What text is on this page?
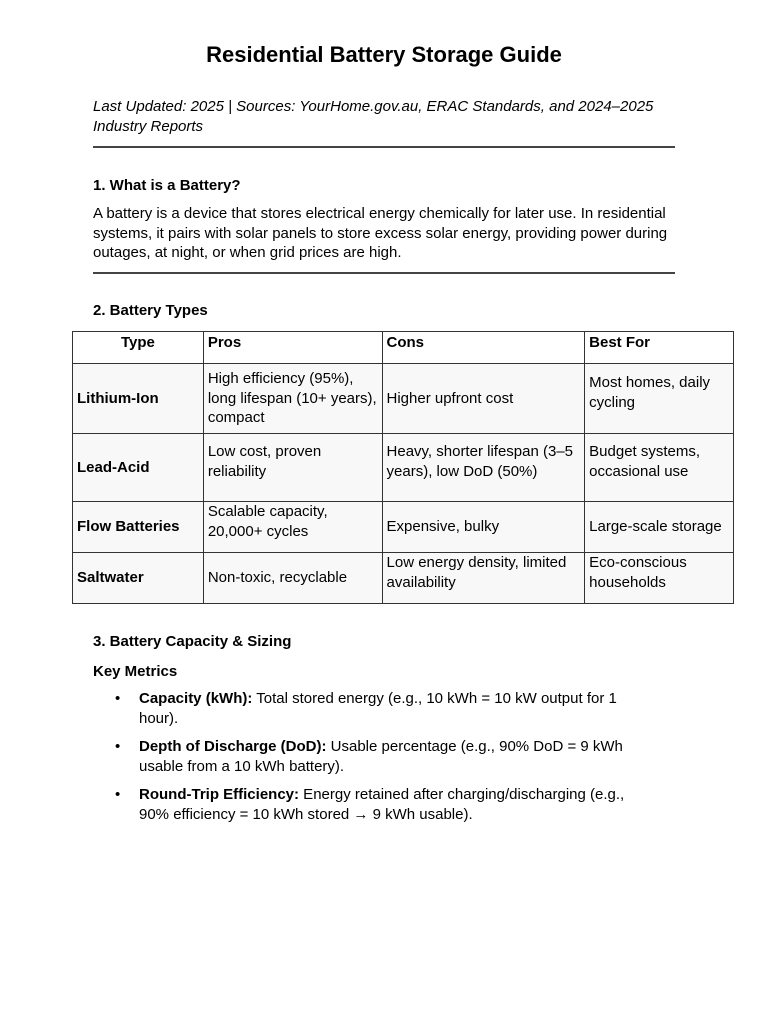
Residential Battery Storage Guide

Last Updated: 2025 | Sources: YourHome.gov.au, ERAC Standards, and 2024–2025 Industry Reports

1. What is a Battery?

A battery is a device that stores electrical energy chemically for later use. In residential systems, it pairs with solar panels to store excess solar energy, providing power during outages, at night, or when grid prices are high.

2. Battery Types
Type	Pros	Cons	Best For
Lithium-Ion	High efficiency (95%), long lifespan (10+ years), compact	Higher upfront cost	Most homes, daily cycling
Lead-Acid	Low cost, proven reliability	Heavy, shorter lifespan (3–5 years), low DoD (50%)	Budget systems, occasional use
Flow Batteries	Scalable capacity, 20,000+ cycles	Expensive, bulky	Large-scale storage
Saltwater	Non-toxic, recyclable	Low energy density, limited availability	Eco-conscious households
3. Battery Capacity & Sizing
Key Metrics
• Capacity (kWh): Total stored energy (e.g., 10 kWh = 10 kW output for 1 hour).
• Depth of Discharge (DoD): Usable percentage (e.g., 90% DoD = 9 kWh usable from a 10 kWh battery).
• Round-Trip Efficiency: Energy retained after charging/discharging (e.g., 90% efficiency = 10 kWh stored → 9 kWh usable).
